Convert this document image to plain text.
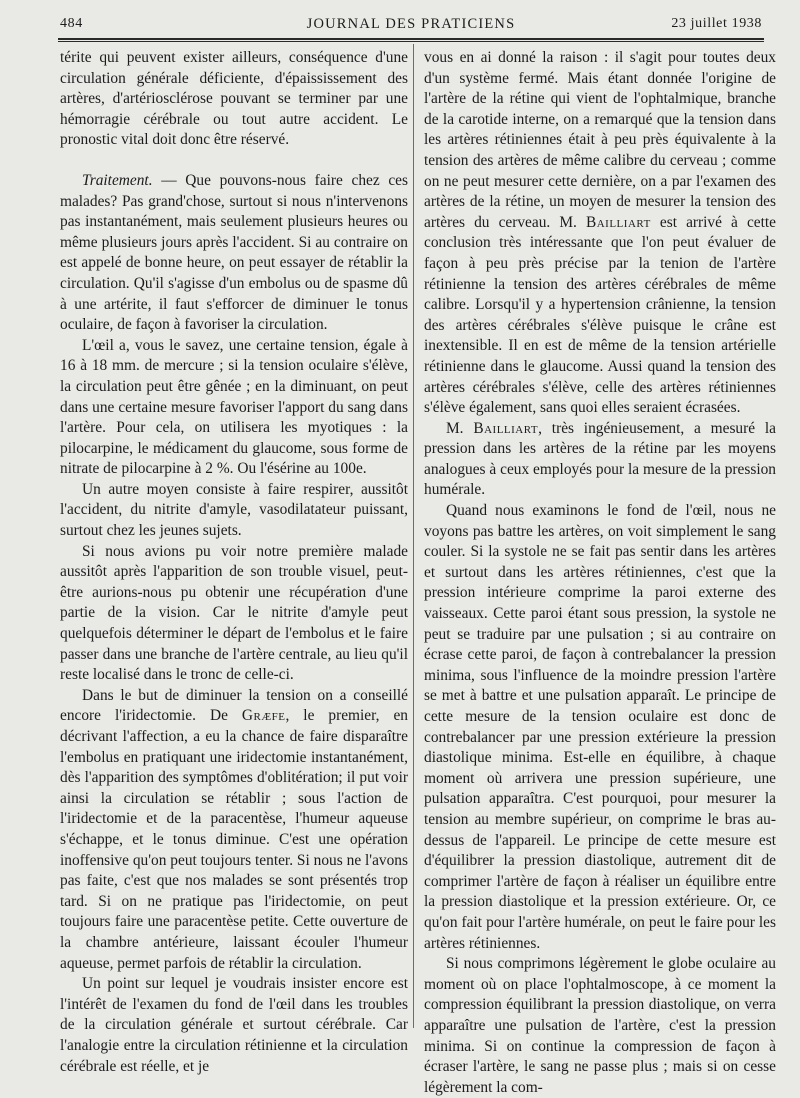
484	JOURNAL DES PRATICIENS	23 juillet 1938

térite qui peuvent exister ailleurs, conséquence d'une circulation générale déficiente, d'épaississement des artères, d'artériosclérose pouvant se terminer par une hémorragie cérébrale ou tout autre accident. Le pronostic vital doit donc être réservé.

Traitement. — Que pouvons-nous faire chez ces malades? Pas grand'chose, surtout si nous n'intervenons pas instantanément, mais seulement plusieurs heures ou même plusieurs jours après l'accident. Si au contraire on est appelé de bonne heure, on peut essayer de rétablir la circulation. Qu'il s'agisse d'un embolus ou de spasme dû à une artérite, il faut s'efforcer de diminuer le tonus oculaire, de façon à favoriser la circulation.

L'œil a, vous le savez, une certaine tension, égale à 16 à 18 mm. de mercure ; si la tension oculaire s'élève, la circulation peut être gênée ; en la diminuant, on peut dans une certaine mesure favoriser l'apport du sang dans l'artère. Pour cela, on utilisera les myotiques : la pilocarpine, le médicament du glaucome, sous forme de nitrate de pilocarpine à 2 %. Ou l'ésérine au 100e.

Un autre moyen consiste à faire respirer, aussitôt l'accident, du nitrite d'amyle, vasodilatateur puissant, surtout chez les jeunes sujets.

Si nous avions pu voir notre première malade aussitôt après l'apparition de son trouble visuel, peut-être aurions-nous pu obtenir une récupération d'une partie de la vision. Car le nitrite d'amyle peut quelquefois déterminer le départ de l'embolus et le faire passer dans une branche de l'artère centrale, au lieu qu'il reste localisé dans le tronc de celle-ci.

Dans le but de diminuer la tension on a conseillé encore l'iridectomie. De Græfe, le premier, en décrivant l'affection, a eu la chance de faire disparaître l'embolus en pratiquant une iridectomie instantanément, dès l'apparition des symptômes d'oblitération; il put voir ainsi la circulation se rétablir ; sous l'action de l'iridectomie et de la paracentèse, l'humeur aqueuse s'échappe, et le tonus diminue. C'est une opération inoffensive qu'on peut toujours tenter. Si nous ne l'avons pas faite, c'est que nos malades se sont présentés trop tard. Si on ne pratique pas l'iridectomie, on peut toujours faire une paracentèse petite. Cette ouverture de la chambre antérieure, laissant écouler l'humeur aqueuse, permet parfois de rétablir la circulation.

Un point sur lequel je voudrais insister encore est l'intérêt de l'examen du fond de l'œil dans les troubles de la circulation générale et surtout cérébrale. Car l'analogie entre la circulation rétinienne et la circulation cérébrale est réelle, et je

vous en ai donné la raison : il s'agit pour toutes deux d'un système fermé. Mais étant donnée l'origine de l'artère de la rétine qui vient de l'ophtalmique, branche de la carotide interne, on a remarqué que la tension dans les artères rétiniennes était à peu près équivalente à la tension des artères de même calibre du cerveau ; comme on ne peut mesurer cette dernière, on a par l'examen des artères de la rétine, un moyen de mesurer la tension des artères du cerveau. M. Bailliart est arrivé à cette conclusion très intéressante que l'on peut évaluer de façon à peu près précise par la tenion de l'artère rétinienne la tension des artères cérébrales de même calibre. Lorsqu'il y a hypertension crânienne, la tension des artères cérébrales s'élève puisque le crâne est inextensible. Il en est de même de la tension artérielle rétinienne dans le glaucome. Aussi quand la tension des artères cérébrales s'élève, celle des artères rétiniennes s'élève également, sans quoi elles seraient écrasées.

M. Bailliart, très ingénieusement, a mesuré la pression dans les artères de la rétine par les moyens analogues à ceux employés pour la mesure de la pression humérale.

Quand nous examinons le fond de l'œil, nous ne voyons pas battre les artères, on voit simplement le sang couler. Si la systole ne se fait pas sentir dans les artères et surtout dans les artères rétiniennes, c'est que la pression intérieure comprime la paroi externe des vaisseaux. Cette paroi étant sous pression, la systole ne peut se traduire par une pulsation ; si au contraire on écrase cette paroi, de façon à contrebalancer la pression minima, sous l'influence de la moindre pression l'artère se met à battre et une pulsation apparaît. Le principe de cette mesure de la tension oculaire est donc de contrebalancer par une pression extérieure la pression diastolique minima. Est-elle en équilibre, à chaque moment où arrivera une pression supérieure, une pulsation apparaîtra. C'est pourquoi, pour mesurer la tension au membre supérieur, on comprime le bras au-dessus de l'appareil. Le principe de cette mesure est d'équilibrer la pression diastolique, autrement dit de comprimer l'artère de façon à réaliser un équilibre entre la pression diastolique et la pression extérieure. Or, ce qu'on fait pour l'artère humérale, on peut le faire pour les artères rétiniennes.

Si nous comprimons légèrement le globe oculaire au moment où on place l'ophtalmoscope, à ce moment la compression équilibrant la pression diastolique, on verra apparaître une pulsation de l'artère, c'est la pression minima. Si on continue la compression de façon à écraser l'artère, le sang ne passe plus ; mais si on cesse légèrement la com-
